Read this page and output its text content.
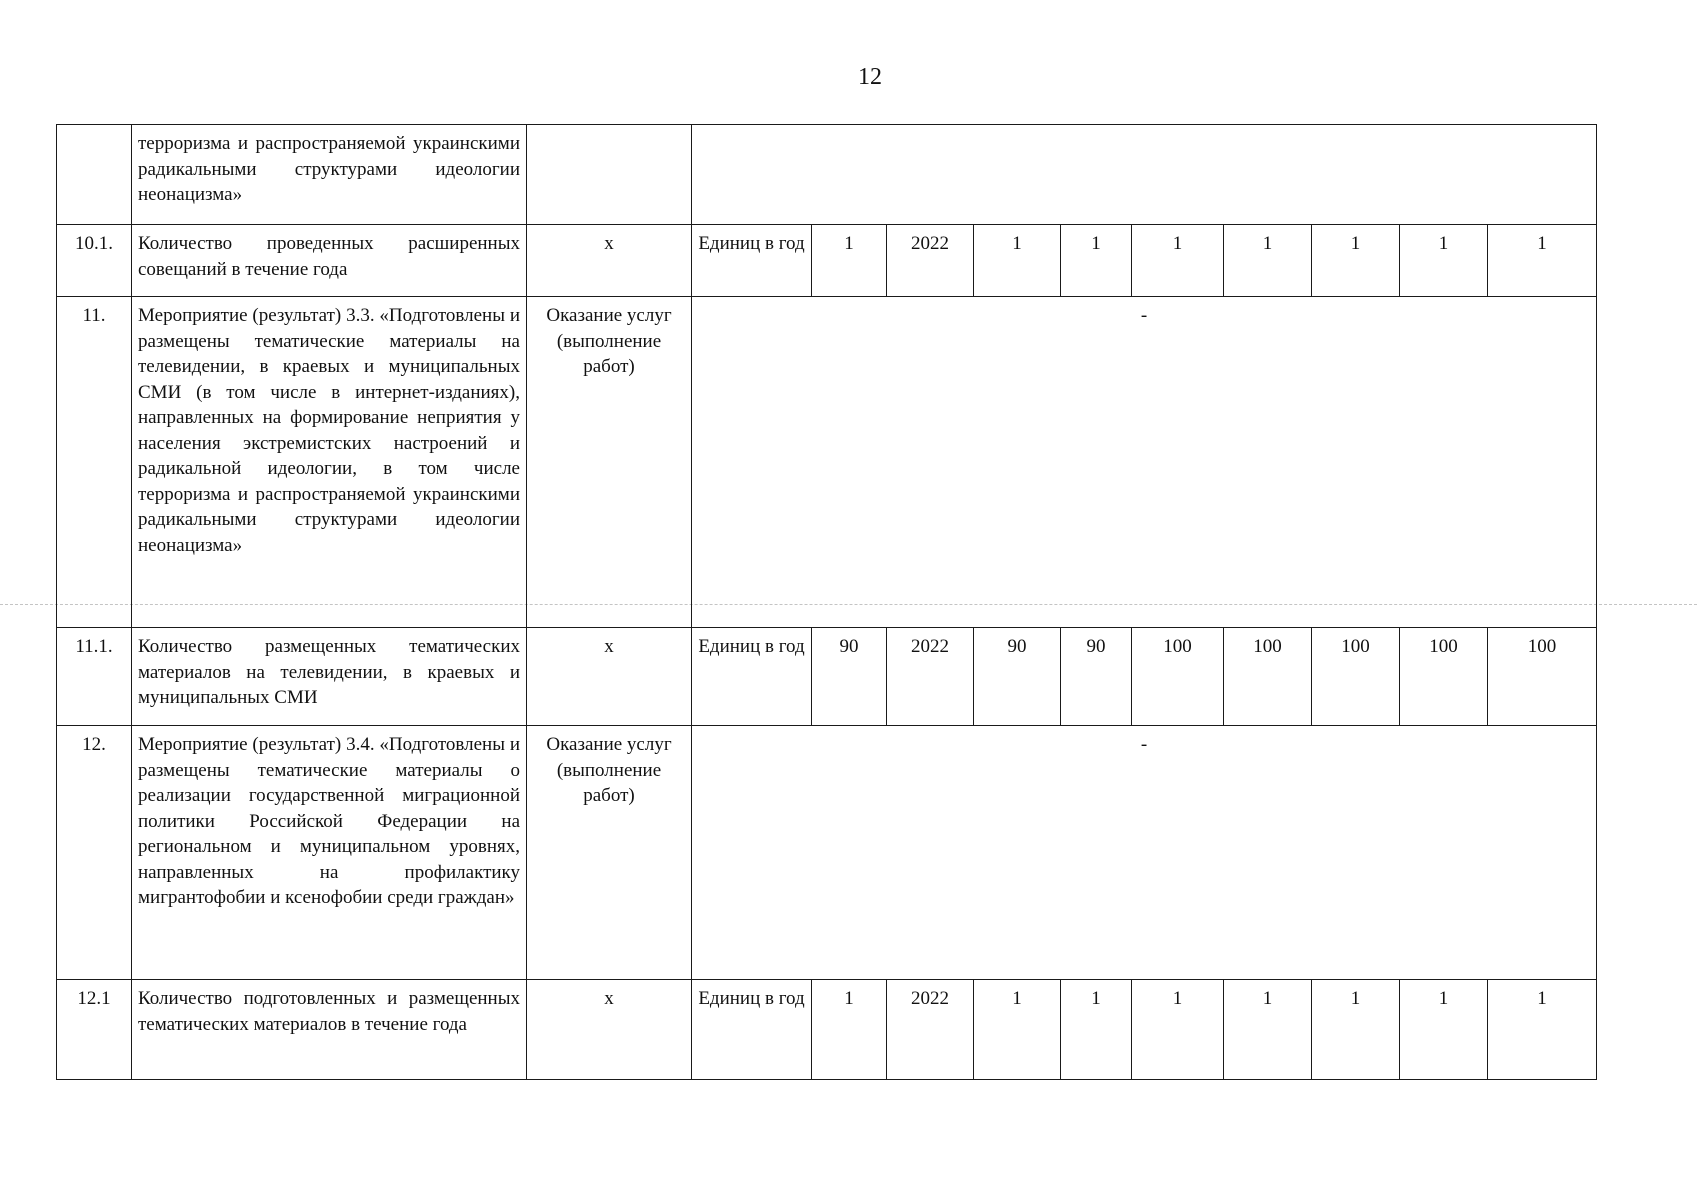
12
	терроризма и распространяемой украинскими радикальными структурами идеологии неонацизма»											
10.1.	Количество проведенных расширенных совещаний в течение года	х	Единиц в год	1	2022	1	1	1	1	1	1	1
11.	Мероприятие (результат) 3.3. «Подготовлены и размещены тематические материалы на телевидении, в краевых и муниципальных СМИ (в том числе в интернет-изданиях), направленных на формирование неприятия у населения экстремистских настроений и радикальной идеологии, в том числе терроризма и распространяемой украинскими радикальными структурами идеологии неонацизма»	Оказание услуг (выполнение работ)	-									
11.1.	Количество размещенных тематических материалов на телевидении, в краевых и муниципальных СМИ	х	Единиц в год	90	2022	90	90	100	100	100	100	100
12.	Мероприятие (результат) 3.4. «Подготовлены и размещены тематические материалы о реализации государственной миграционной политики Российской Федерации на региональном и муниципальном уровнях, направленных на профилактику мигрантофобии и ксенофобии среди граждан»	Оказание услуг (выполнение работ)	-									
12.1	Количество подготовленных и размещенных тематических материалов в течение года	х	Единиц в год	1	2022	1	1	1	1	1	1	1
